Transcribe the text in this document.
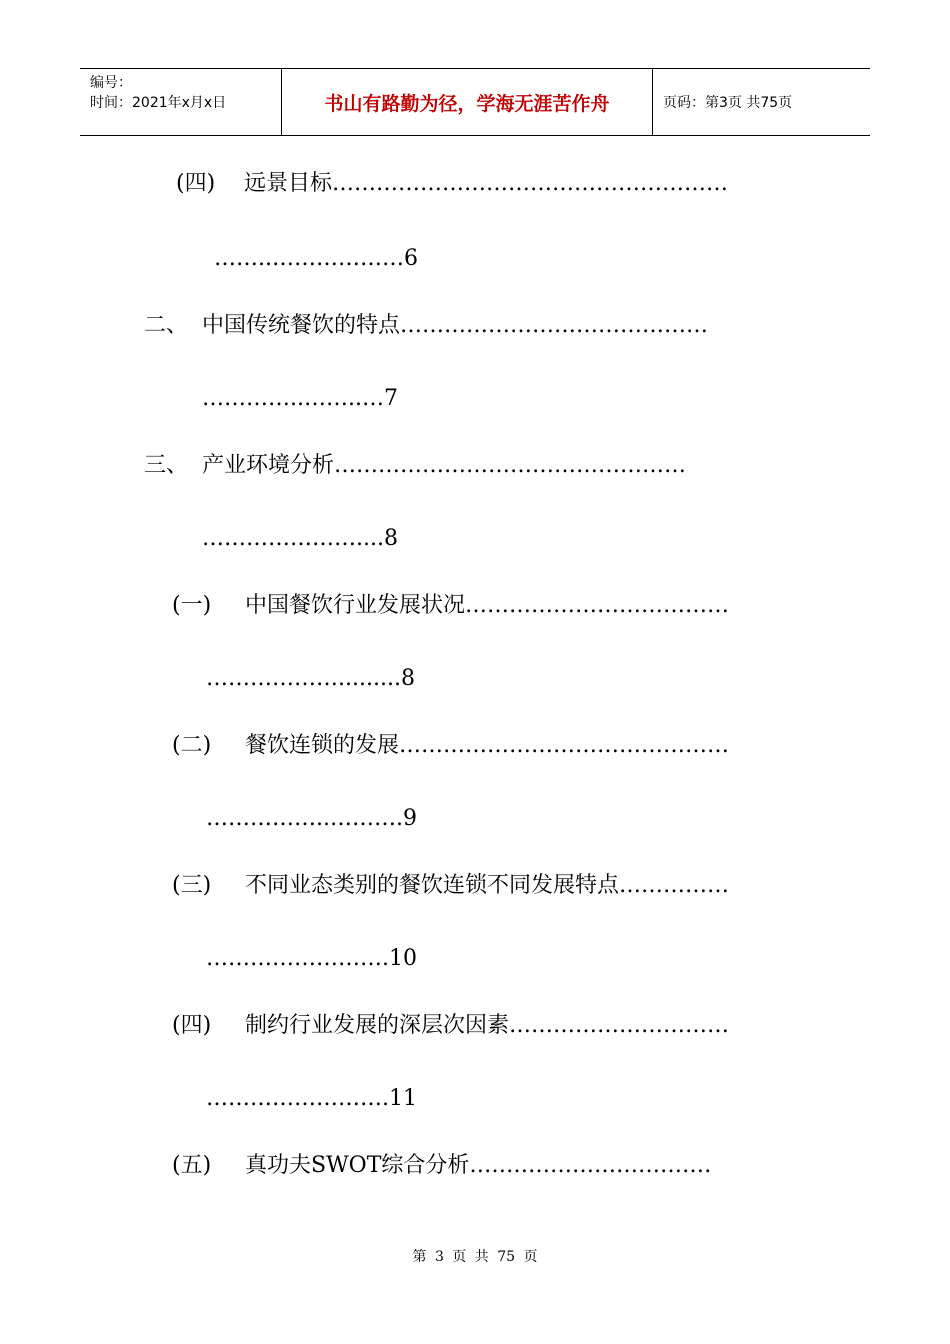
编号：
时间：2021年x月x日	书山有路勤为径，学海无涯苦作舟	页码：第3页 共75页
(四) 远景目标………………………………………………
……..………………6
二、 中国传统餐饮的特点……………………………………
…………..……..…7
三、 产业环境分析…………………………………………
…………………....8
(一) 中国餐饮行业发展状况………………………………
……………….........8
(二) 餐饮连锁的发展………………………………………
……………..……….9
(三) 不同业态类别的餐饮连锁不同发展特点……………
…………………….10
(四) 制约行业发展的深层次因素…………………………
…………………….11
(五) 真功夫SWOT综合分析……………………………
第 3 页 共 75 页
